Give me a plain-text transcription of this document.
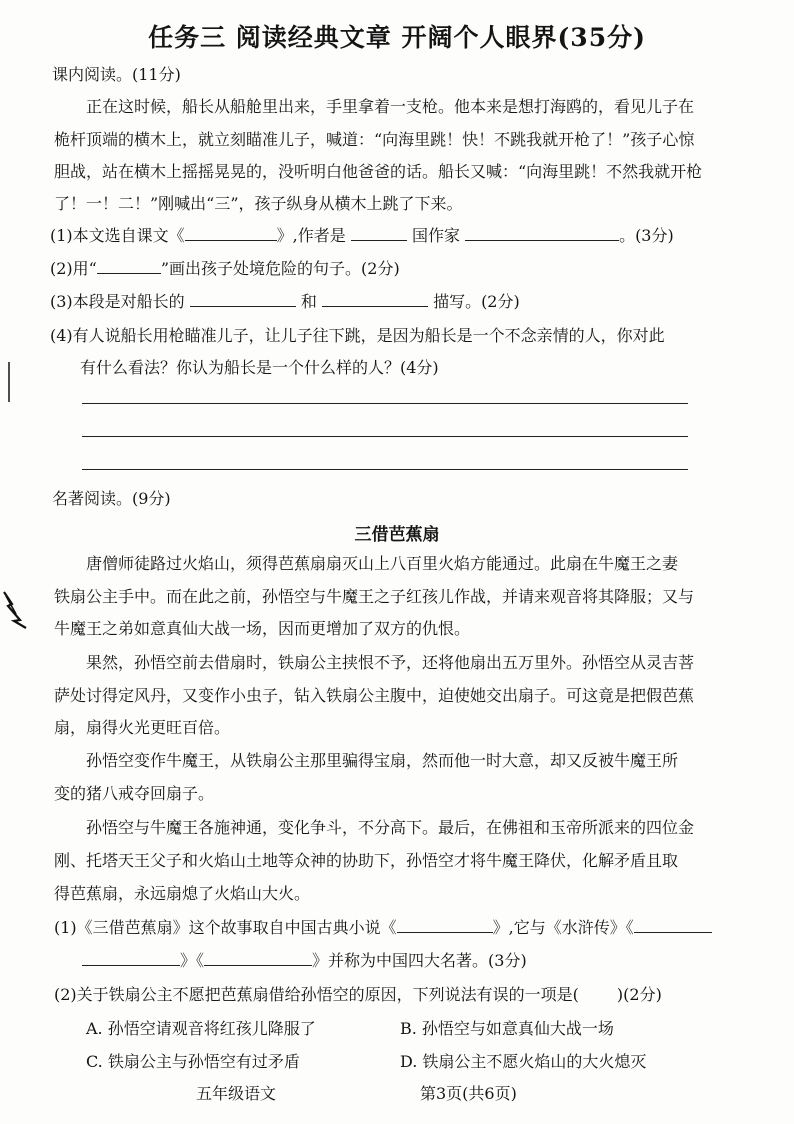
任务三 阅读经典文章 开阔个人眼界(35分)
课内阅读。(11分)
正在这时候，船长从船舱里出来，手里拿着一支枪。他本来是想打海鸥的，看见儿子在
桅杆顶端的横木上，就立刻瞄准儿子，喊道：“向海里跳！快！不跳我就开枪了！”孩子心惊
胆战，站在横木上摇摇晃晃的，没听明白他爸爸的话。船长又喊：“向海里跳！不然我就开枪
了！一！二！”刚喊出“三”，孩子纵身从横木上跳了下来。
(1)本文选自课文《	》,作者是	国作家	。(3分)
(2)用“	”画出孩子处境危险的句子。(2分)
(3)本段是对船长的	和	描写。(2分)
(4)有人说船长用枪瞄准儿子，让儿子往下跳，是因为船长是一个不念亲情的人，你对此
有什么看法？你认为船长是一个什么样的人？(4分)
名著阅读。(9分)
三借芭蕉扇
唐僧师徒路过火焰山，须得芭蕉扇扇灭山上八百里火焰方能通过。此扇在牛魔王之妻
铁扇公主手中。而在此之前，孙悟空与牛魔王之子红孩儿作战，并请来观音将其降服；又与
牛魔王之弟如意真仙大战一场，因而更增加了双方的仇恨。
果然，孙悟空前去借扇时，铁扇公主挟恨不予，还将他扇出五万里外。孙悟空从灵吉菩
萨处讨得定风丹，又变作小虫子，钻入铁扇公主腹中，迫使她交出扇子。可这竟是把假芭蕉
扇，扇得火光更旺百倍。
孙悟空变作牛魔王，从铁扇公主那里骗得宝扇，然而他一时大意，却又反被牛魔王所
变的猪八戒夺回扇子。
孙悟空与牛魔王各施神通，变化争斗，不分高下。最后，在佛祖和玉帝所派来的四位金
刚、托塔天王父子和火焰山土地等众神的协助下，孙悟空才将牛魔王降伏，化解矛盾且取
得芭蕉扇，永远扇熄了火焰山大火。
(1)《三借芭蕉扇》这个故事取自中国古典小说《	》,它与《水浒传》《
》《	》并称为中国四大名著。(3分)
(2)关于铁扇公主不愿把芭蕉扇借给孙悟空的原因，下列说法有误的一项是( )(2分)
A. 孙悟空请观音将红孩儿降服了	B. 孙悟空与如意真仙大战一场
C. 铁扇公主与孙悟空有过矛盾	D. 铁扇公主不愿火焰山的大火熄灭
五年级语文	第3页(共6页)
